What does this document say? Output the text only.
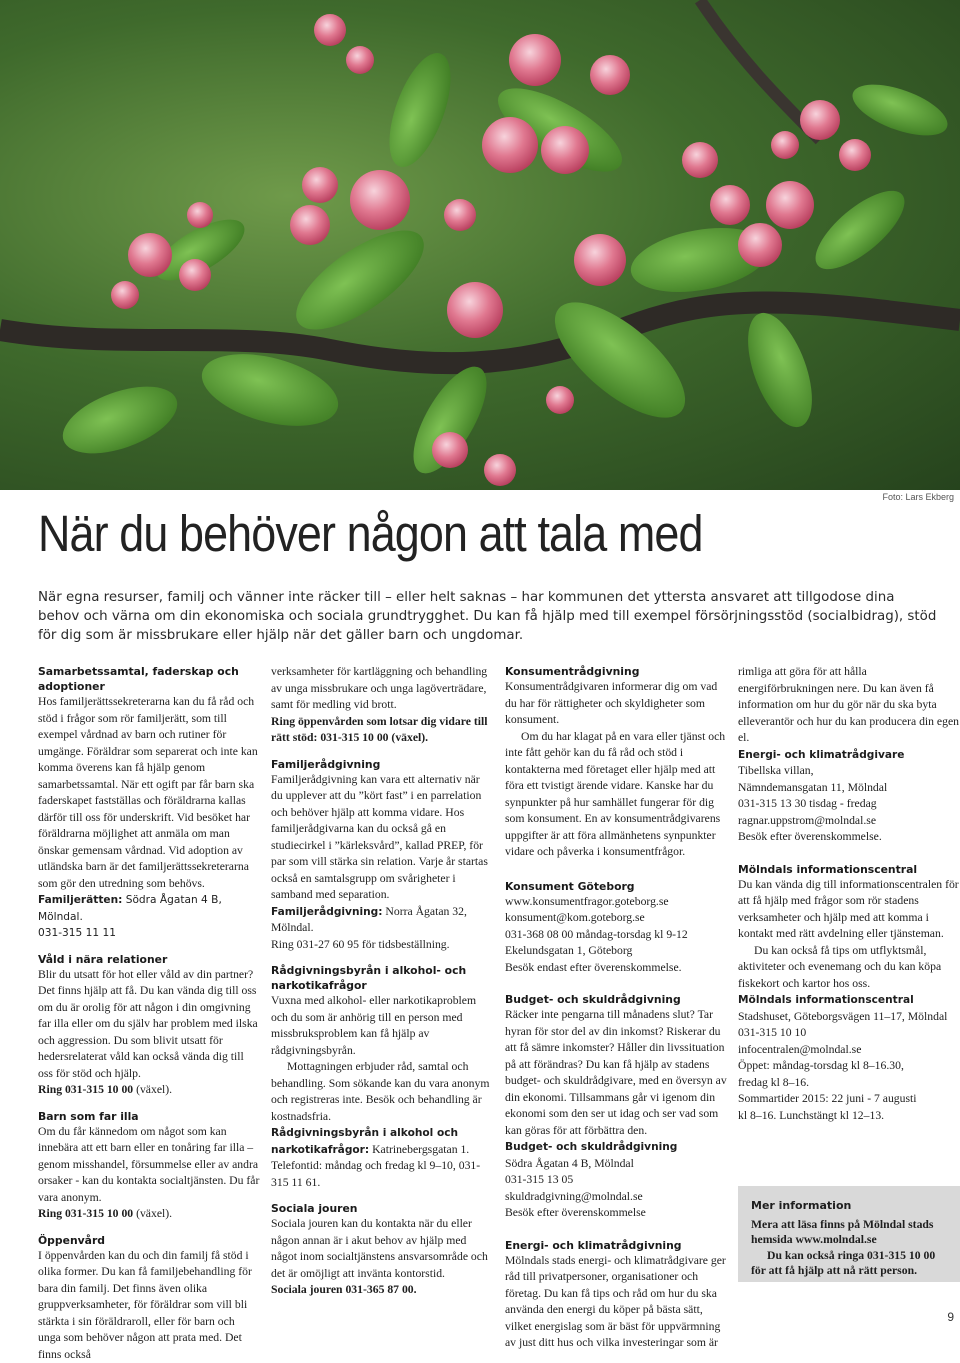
Foto: Lars Ekberg
När du behöver någon att tala med

När egna resurser, familj och vänner inte räcker till – eller helt saknas – har kommunen det yttersta ansvaret att tillgodose dina behov och värna om din ekonomiska och sociala grundtrygghet. Du kan få hjälp med till exempel försörjningsstöd (socialbidrag), stöd för dig som är missbrukare eller hjälp när det gäller barn och ungdomar.

Samarbetssamtal, faderskap och adoptioner

Hos familjerättssekreterarna kan du få råd och stöd i frågor som rör familjerätt, som till exempel vårdnad av barn och rutiner för umgänge. Föräldrar som separerat och inte kan komma överens kan få hjälp genom samarbetssamtal. När ett ogift par får barn ska faderskapet fastställas och föräldrarna kallas därför till oss för underskrift. Vid besöket har föräldrarna möjlighet att anmäla om man önskar gemensam vårdnad. Vid adoption av utländska barn är det familjerättssekreterarna som gör den utredning som behövs.

Familjerätten: Södra Ågatan 4 B, Mölndal.

031-315 11 11

Våld i nära relationer

Blir du utsatt för hot eller våld av din partner? Det finns hjälp att få. Du kan vända dig till oss om du är orolig för att någon i din omgivning far illa eller om du själv har problem med ilska och aggression. Du som blivit utsatt för hedersrelaterat våld kan också vända dig till oss för stöd och hjälp.

Ring 031-315 10 00 (växel).

Barn som far illa

Om du får kännedom om något som kan innebära att ett barn eller en tonåring far illa – genom misshandel, försummelse eller av andra orsaker - kan du kontakta socialtjänsten. Du får vara anonym.

Ring 031-315 10 00 (växel).

Öppenvård

I öppenvården kan du och din familj få stöd i olika former. Du kan få familjebehandling för bara din familj. Det finns även olika gruppverksamheter, för föräldrar som vill bli stärkta i sin föräldraroll, eller för barn och unga som behöver någon att prata med. Det finns också

verksamheter för kartläggning och behandling av unga missbrukare och unga lagöverträdare, samt för medling vid brott.

Ring öppenvården som lotsar dig vidare till rätt stöd: 031-315 10 00 (växel).

Familjerådgivning

Familjerådgivning kan vara ett alternativ när du upplever att du ”kört fast” i en parrelation och behöver hjälp att komma vidare. Hos familjerådgivarna kan du också gå en studiecirkel i ”kärleksvård”, kallad PREP, för par som vill stärka sin relation. Varje år startas också en samtalsgrupp om svårigheter i samband med separation.

Familjerådgivning: Norra Ågatan 32, Mölndal.

Ring 031-27 60 95 för tidsbeställning.

Rådgivningsbyrån i alkohol- och narkotikafrågor

Vuxna med alkohol- eller narkotikaproblem och du som är anhörig till en person med missbruksproblem kan få hjälp av rådgivningsbyrån.

Mottagningen erbjuder råd, samtal och behandling. Som sökande kan du vara anonym och registreras inte. Besök och behandling är kostnadsfria.

Rådgivningsbyrån i alkohol och narkotikafrågor: Katrinebergsgatan 1.

Telefontid: måndag och fredag kl 9–10, 031-315 11 61.

Sociala jouren

Sociala jouren kan du kontakta när du eller någon annan är i akut behov av hjälp med något inom socialtjänstens ansvarsområde och det är omöjligt att invänta kontorstid.

Sociala jouren 031-365 87 00.

Konsumentrådgivning

Konsumentrådgivaren informerar dig om vad du har för rättigheter och skyldigheter som konsument.

Om du har klagat på en vara eller tjänst och inte fått gehör kan du få råd och stöd i kontakterna med företaget eller hjälp med att föra ett tvistigt ärende vidare. Kanske har du synpunkter på hur samhället fungerar för dig som konsument. En av konsumentrådgivarens uppgifter är att föra allmänhetens synpunkter vidare och påverka i konsumentfrågor.

Konsument Göteborg

www.konsumentfragor.goteborg.se

konsument@kom.goteborg.se

031-368 08 00 måndag-torsdag kl 9-12

Ekelundsgatan 1, Göteborg

Besök endast efter överenskommelse.

Budget- och skuldrådgivning

Räcker inte pengarna till månadens slut? Tar hyran för stor del av din inkomst? Riskerar du att få sämre inkomster? Håller din livssituation på att förändras? Du kan få hjälp av stadens budget- och skuldrådgivare, med en översyn av din ekonomi. Tillsammans går vi igenom din ekonomi som den ser ut idag och ser vad som kan göras för att förbättra den.

Budget- och skuldrådgivning

Södra Ågatan 4 B, Mölndal

031-315 13 05

skuldradgivning@molndal.se

Besök efter överenskommelse

Energi- och klimatrådgivning

Mölndals stads energi- och klimatrådgivare ger råd till privatpersoner, organisationer och företag. Du kan få tips och råd om hur du ska använda den energi du köper på bästa sätt, vilket energislag som är bäst för uppvärmning av just ditt hus och vilka investeringar som är

rimliga att göra för att hålla energiförbrukningen nere. Du kan även få information om hur du gör när du ska byta elleverantör och hur du kan producera din egen el.

Energi- och klimatrådgivare

Tibellska villan,

Nämndemansgatan 11, Mölndal

031-315 13 30 tisdag - fredag

ragnar.uppstrom@molndal.se

Besök efter överenskommelse.

Mölndals informationscentral

Du kan vända dig till informationscentralen för att få hjälp med frågor som rör stadens verksamheter och hjälp med att komma i kontakt med rätt avdelning eller tjänsteman.

Du kan också få tips om utflyktsmål, aktiviteter och evenemang och du kan köpa fiskekort och kartor hos oss.

Mölndals informationscentral

Stadshuset, Göteborgsvägen 11–17, Mölndal

031-315 10 10

infocentralen@molndal.se

Öppet: måndag-torsdag kl 8–16.30,

fredag kl 8–16.

Sommartider 2015: 22 juni - 7 augusti

kl 8–16. Lunchstängt kl 12–13.

Mer information

Mera att läsa finns på Mölndal stads hemsida www.molndal.se

Du kan också ringa 031-315 10 00 för att få hjälp att nå rätt person.

9
